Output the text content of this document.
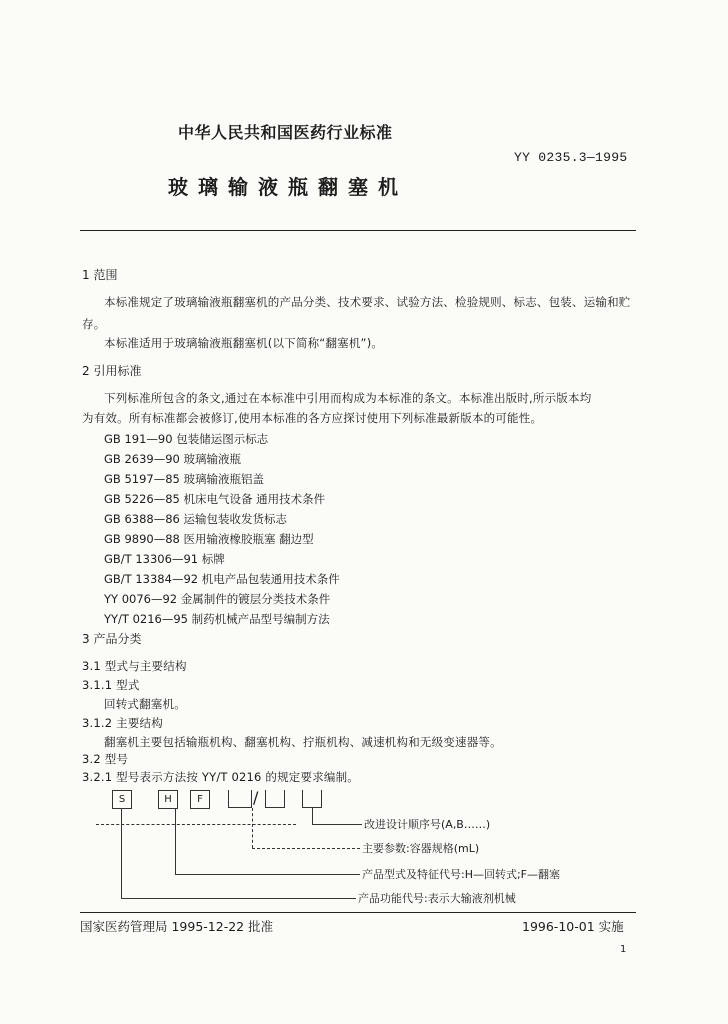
中华人民共和国医药行业标准
YY 0235.3—1995
玻璃输液瓶翻塞机
1 范围
本标准规定了玻璃输液瓶翻塞机的产品分类、技术要求、试验方法、检验规则、标志、包装、运输和贮
存。
本标准适用于玻璃输液瓶翻塞机(以下简称“翻塞机”)。
2 引用标准
下列标准所包含的条文,通过在本标准中引用而构成为本标准的条文。本标准出版时,所示版本均
为有效。所有标准都会被修订,使用本标准的各方应探讨使用下列标准最新版本的可能性。
GB 191—90 包装储运图示标志
GB 2639—90 玻璃输液瓶
GB 5197—85 玻璃输液瓶铝盖
GB 5226—85 机床电气设备 通用技术条件
GB 6388—86 运输包装收发货标志
GB 9890—88 医用输液橡胶瓶塞 翻边型
GB/T 13306—91 标牌
GB/T 13384—92 机电产品包装通用技术条件
YY 0076—92 金属制件的镀层分类技术条件
YY/T 0216—95 制药机械产品型号编制方法
3 产品分类
3.1 型式与主要结构
3.1.1 型式
回转式翻塞机。
3.1.2 主要结构
翻塞机主要包括输瓶机构、翻塞机构、拧瓶机构、减速机构和无级变速器等。
3.2 型号
3.2.1 型号表示方法按 YY/T 0216 的规定要求编制。
S	H	F	/
改进设计顺序号(A,B……)
主要参数:容器规格(mL)
产品型式及特征代号:H—回转式;F—翻塞
产品功能代号:表示大输液剂机械
国家医药管理局 1995-12-22 批准	1996-10-01 实施
1
